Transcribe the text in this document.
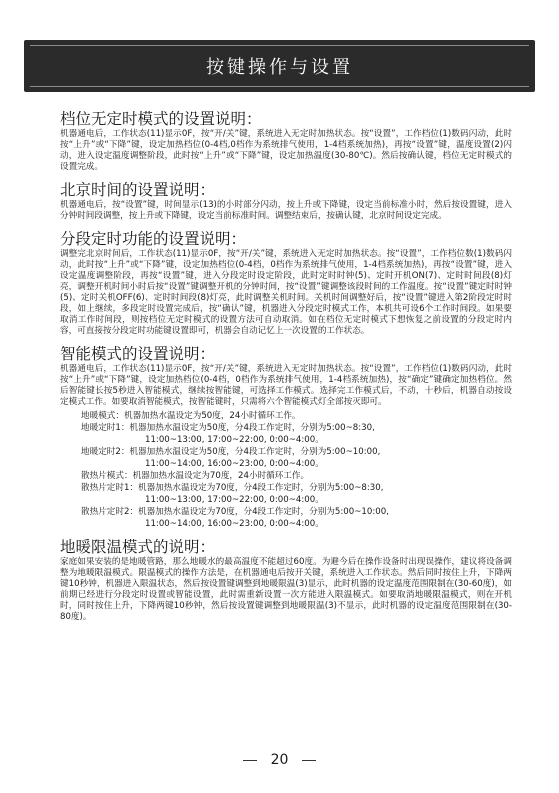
按键操作与设置
档位无定时模式的设置说明：

机器通电后，工作状态(11)显示0F，按“开/关”键，系统进入无定时加热状态。按“设置”，工作档位(1)数码闪动，此时按“上升”或“下降”键，设定加热档位(0-4档,0档作为系统排气使用，1-4档系统加热)，再按“设置”键，温度设置(2)闪动，进入设定温度调整阶段，此时按“上升”或“下降”键，设定加热温度(30-80℃)。然后按确认键，档位无定时模式的设置完成。

北京时间的设置说明：

机器通电后，按“设置”键，时间显示(13)的小时部分闪动，按上升或下降键，设定当前标准小时，然后按设置键，进入分钟时间段调整，按上升或下降键，设定当前标准时间。调整结束后，按确认键，北京时间设定完成。

分段定时功能的设置说明：

调整完北京时间后，工作状态(11)显示0F，按“开/关”键，系统进入无定时加热状态。按“设置”，工作档位数(1)数码闪动，此时按“上升”或“下降”键，设定加热档位(0-4档，0档作为系统排气使用，1-4档系统加热)，再按“设置”键，进入设定温度调整阶段，再按“设置”键，进入分段定时设定阶段，此时定时时钟(5)、定时开机ON(7)、定时时间段(8)灯亮，调整开机时间小时后按“设置”键调整开机的分钟时间，按“设置”键调整该段时间的工作温度。按“设置”键定时时钟(5)、定时关机OFF(6)、定时时间段(8)灯亮，此时调整关机时间。关机时间调整好后，按“设置”键进入第2阶段定时时段，如上继续，多段定时设置完成后，按“确认”键，机器进入分段定时模式工作，本机共可设6个工作时间段。如果要取消工作时间段，则按档位无定时模式的设置方法可自动取消。如在档位无定时模式下想恢复之前设置的分段定时内容，可直接按分段定时功能键设置即可，机器会自动记忆上一次设置的工作状态。

智能模式的设置说明：

机器通电后，工作状态(11)显示0F，按“开/关”键，系统进入无定时加热状态。按“设置”，工作档位(1)数码闪动，此时按“上升”或“下降”键，设定加热档位(0-4档，0档作为系统排气使用，1-4档系统加热)，按“确定”键确定加热档位。然后智能键长按5秒进入智能模式，继续按智能键，可选择工作模式。选择完工作模式后，不动，十秒后，机器自动按设定模式工作。如要取消智能模式，按智能键时，只需将六个智能模式灯全部按灭即可。

地暖模式：机器加热水温设定为50度，24小时循环工作。
地暖定时1：机器加热水温设定为50度，分4段工作定时，分别为5:00~8:30,
11:00~13:00, 17:00~22:00, 0:00~4:00。
地暖定时2：机器加热水温设定为50度，分4段工作定时，分别为5:00~10:00,
11:00~14:00, 16:00~23:00, 0:00~4:00。
散热片模式：机器加热水温设定为70度，24小时循环工作。
散热片定时1：机器加热水温设定为70度，分4段工作定时，分别为5:00~8:30,
11:00~13:00, 17:00~22:00, 0:00~4:00。
散热片定时2：机器加热水温设定为70度，分4段工作定时，分别为5:00~10:00,
11:00~14:00, 16:00~23:00, 0:00~4:00。
地暖限温模式的说明：

家庭如果安装的是地暖管路，那么地暖水的最高温度不能超过60度。为避今后在操作设备时出现误操作，建议将设备调整为地暖限温模式。限温模式的操作方法是，在机器通电后按开关键，系统进入工作状态。然后同时按住上升，下降两键10秒钟，机器进入限温状态，然后按设置键调整到地暖限温(3)显示，此时机器的设定温度范围限制在(30-60度)，如前期已经进行分段定时设置或智能设置，此时需重新设置一次方能进入限温模式。如要取消地暖限温模式，则在开机时，同时按住上升，下降两键10秒钟，然后按设置键调整到地暖限温(3)不显示，此时机器的设定温度范围限制在(30-80度)。

20
